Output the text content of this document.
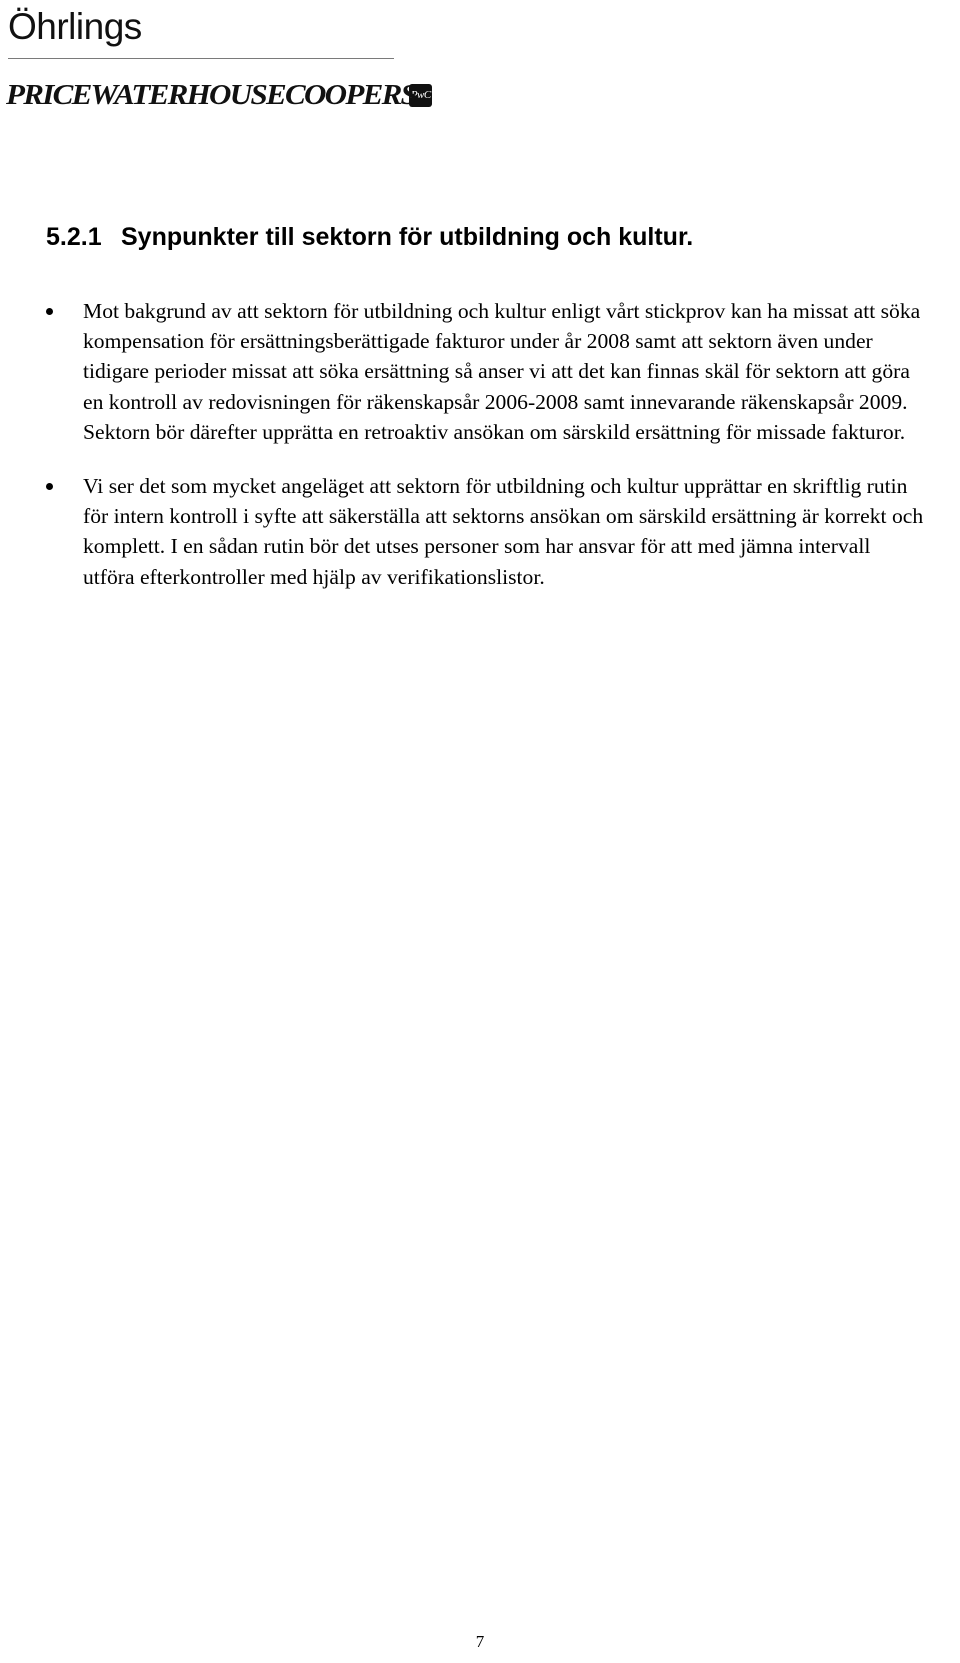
Öhrlings
PRICEWATERHOUSECOOPERS
PwC
5.2.1 Synpunkter till sektorn för utbildning och kultur.
Mot bakgrund av att sektorn för utbildning och kultur enligt vårt stickprov kan ha missat att söka kompensation för ersättningsberättigade fakturor under år 2008 samt att sektorn även under tidigare perioder missat att söka ersättning så anser vi att det kan finnas skäl för sektorn att göra en kontroll av redovisningen för räkenskapsår 2006-2008 samt innevarande räkenskapsår 2009. Sektorn bör därefter upprätta en retroaktiv ansökan om särskild ersättning för missade fakturor.
Vi ser det som mycket angeläget att sektorn för utbildning och kultur upprättar en skriftlig rutin för intern kontroll i syfte att säkerställa att sektorns ansökan om särskild ersättning är korrekt och komplett. I en sådan rutin bör det utses personer som har ansvar för att med jämna intervall utföra efterkontroller med hjälp av verifikationslistor.
7
